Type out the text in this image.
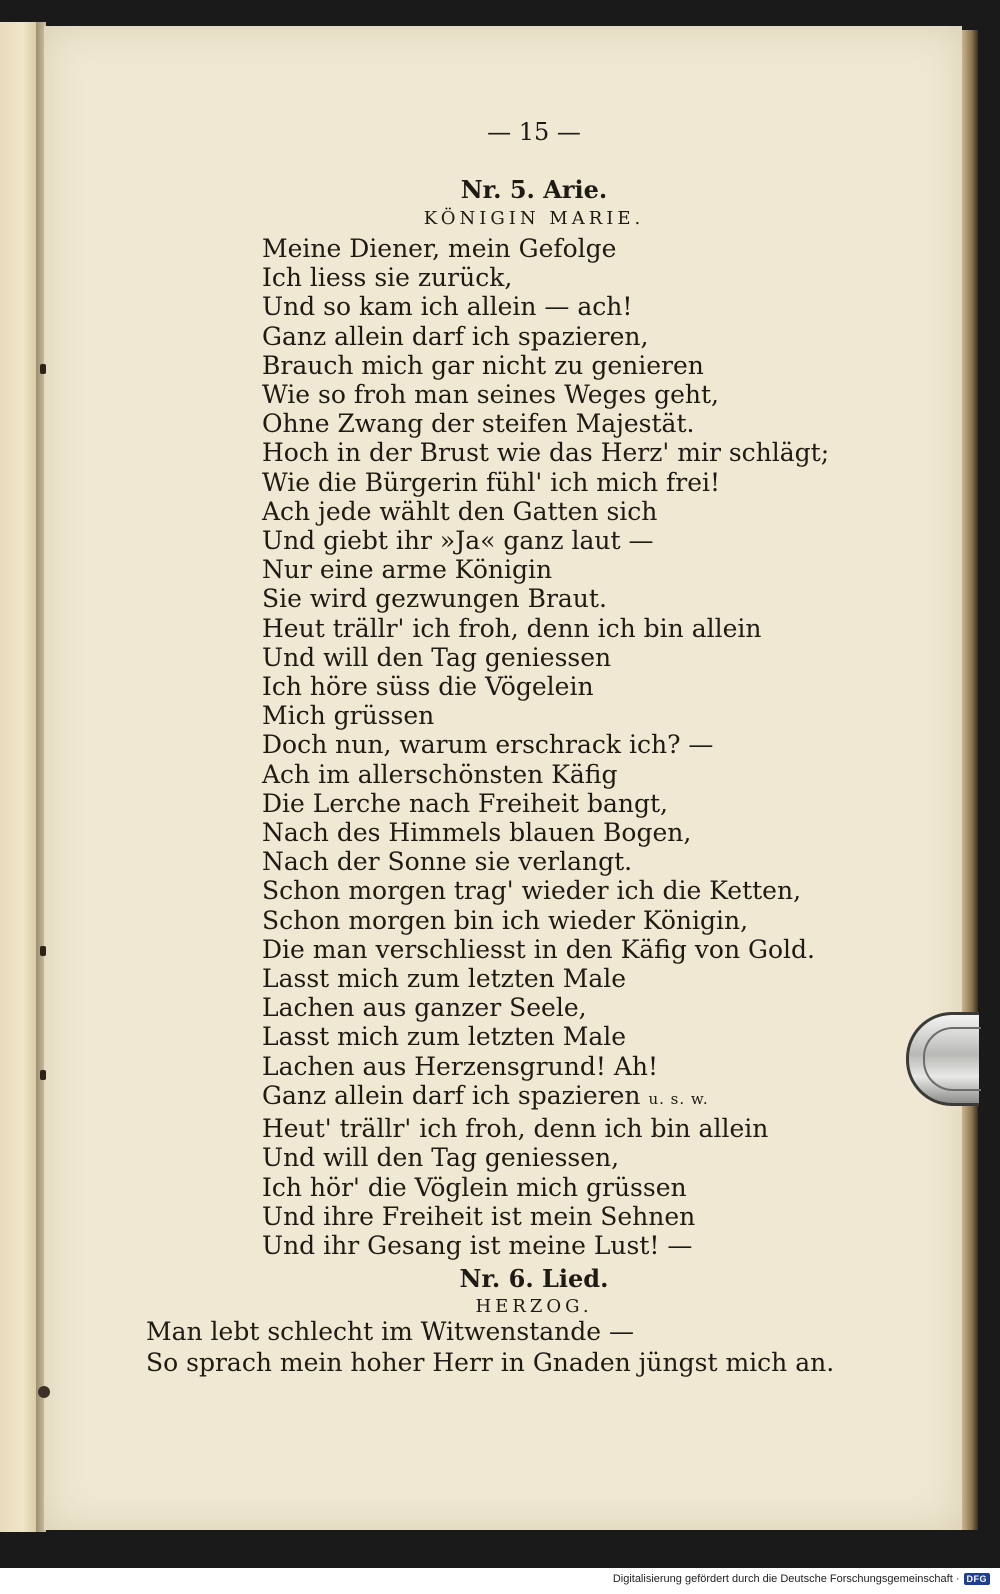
— 15 —
Nr. 5. Arie.
KÖNIGIN MARIE.
Meine Diener, mein Gefolge
Ich liess sie zurück,
Und so kam ich allein — ach!
Ganz allein darf ich spazieren,
Brauch mich gar nicht zu genieren
Wie so froh man seines Weges geht,
Ohne Zwang der steifen Majestät.
Hoch in der Brust wie das Herz' mir schlägt;
Wie die Bürgerin fühl' ich mich frei!
Ach jede wählt den Gatten sich
Und giebt ihr »Ja« ganz laut —
Nur eine arme Königin
Sie wird gezwungen Braut.
Heut trällr' ich froh, denn ich bin allein
Und will den Tag geniessen
Ich höre süss die Vögelein
Mich grüssen
Doch nun, warum erschrack ich? —
Ach im allerschönsten Käfig
Die Lerche nach Freiheit bangt,
Nach des Himmels blauen Bogen,
Nach der Sonne sie verlangt.
Schon morgen trag' wieder ich die Ketten,
Schon morgen bin ich wieder Königin,
Die man verschliesst in den Käfig von Gold.
Lasst mich zum letzten Male
Lachen aus ganzer Seele,
Lasst mich zum letzten Male
Lachen aus Herzensgrund! Ah!
Ganz allein darf ich spazieren u. s. w.
Heut' trällr' ich froh, denn ich bin allein
Und will den Tag geniessen,
Ich hör' die Vöglein mich grüssen
Und ihre Freiheit ist mein Sehnen
Und ihr Gesang ist meine Lust! —
Nr. 6. Lied.
HERZOG.
Man lebt schlecht im Witwenstande —
So sprach mein hoher Herr in Gnaden jüngst mich an.
Digitalisierung gefördert durch die Deutsche Forschungsgemeinschaft · DFG
